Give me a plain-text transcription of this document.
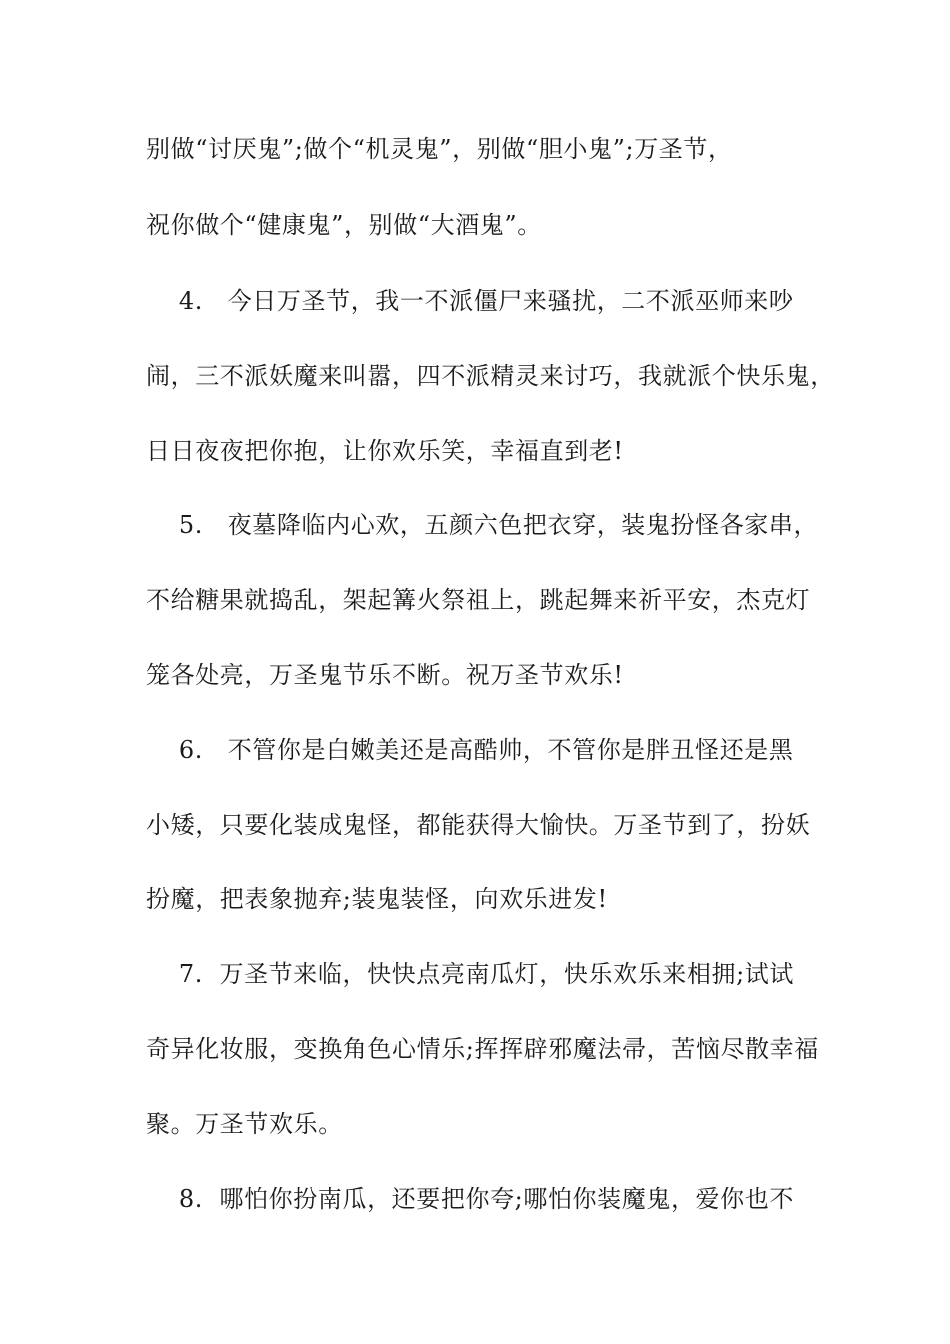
别做“讨厌鬼”;做个“机灵鬼”，别做“胆小鬼”;万圣节，

祝你做个“健康鬼”，别做“大酒鬼”。

4.   今日万圣节，我一不派僵尸来骚扰，二不派巫师来吵

闹，三不派妖魔来叫嚣，四不派精灵来讨巧，我就派个快乐鬼，

日日夜夜把你抱，让你欢乐笑，幸福直到老!

5.   夜墓降临内心欢，五颜六色把衣穿，装鬼扮怪各家串，

不给糖果就捣乱，架起篝火祭祖上，跳起舞来祈平安，杰克灯

笼各处亮，万圣鬼节乐不断。祝万圣节欢乐!

6.   不管你是白嫩美还是高酷帅，不管你是胖丑怪还是黑

小矮，只要化装成鬼怪，都能获得大愉快。万圣节到了，扮妖

扮魔，把表象抛弃;装鬼装怪，向欢乐进发!

7.  万圣节来临，快快点亮南瓜灯，快乐欢乐来相拥;试试

奇异化妆服，变换角色心情乐;挥挥辟邪魔法帚，苦恼尽散幸福

聚。万圣节欢乐。

8.  哪怕你扮南瓜，还要把你夸;哪怕你装魔鬼，爱你也不
